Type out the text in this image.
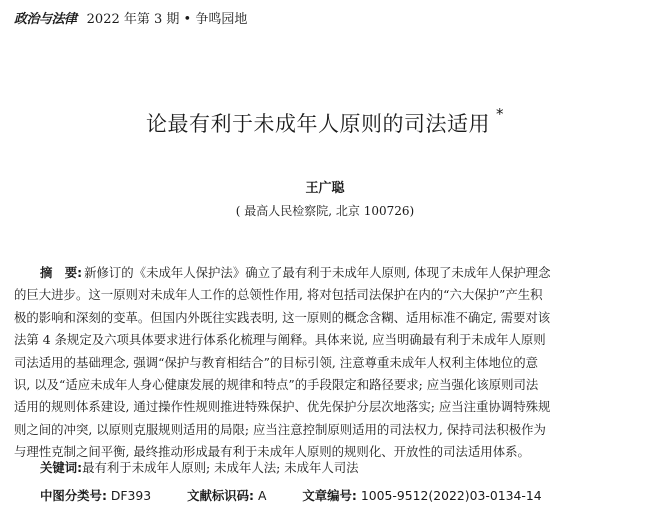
政治与法律 2022 年第 3 期 • 争鸣园地
论最有利于未成年人原则的司法适用 *
王广聪
( 最高人民检察院, 北京 100726)
摘　要: 新修订的《未成年人保护法》确立了最有利于未成年人原则, 体现了未成年人保护理念
的巨大进步。这一原则对未成年人工作的总领性作用, 将对包括司法保护在内的“六大保护”产生积
极的影响和深刻的变革。但国内外既往实践表明, 这一原则的概念含糊、适用标准不确定, 需要对该
法第 4 条规定及六项具体要求进行体系化梳理与阐释。具体来说, 应当明确最有利于未成年人原则
司法适用的基础理念, 强调“保护与教育相结合”的目标引领, 注意尊重未成年人权利主体地位的意
识, 以及“适应未成年人身心健康发展的规律和特点”的手段限定和路径要求; 应当强化该原则司法
适用的规则体系建设, 通过操作性规则推进特殊保护、优先保护分层次地落实; 应当注重协调特殊规
则之间的冲突, 以原则克服规则适用的局限; 应当注意控制原则适用的司法权力, 保持司法积极作为
与理性克制之间平衡, 最终推动形成最有利于未成年人原则的规则化、开放性的司法适用体系。
关键词:最有利于未成年人原则; 未成年人法; 未成年人司法
中图分类号: DF393	文献标识码: A	文章编号: 1005-9512(2022)03-0134-14
